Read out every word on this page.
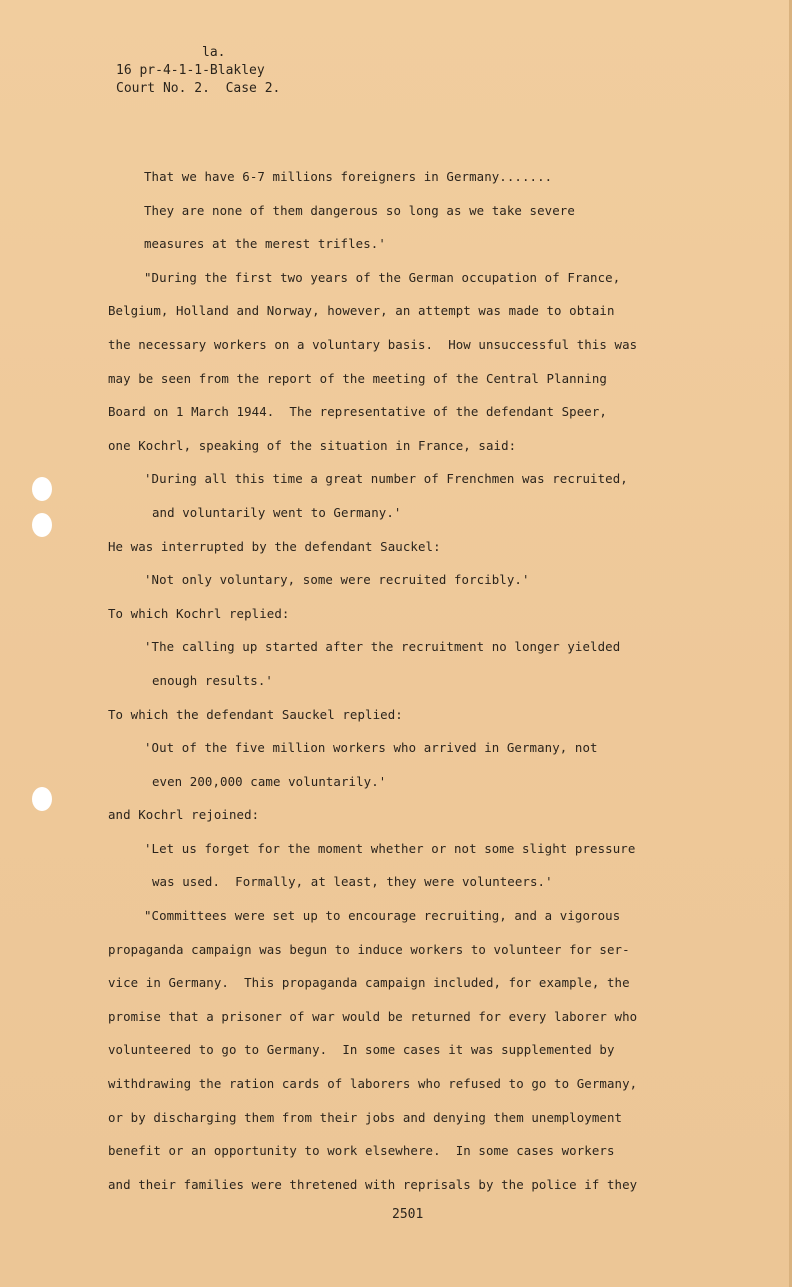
la.
16 pr-4-1-1-Blakley
Court No. 2.  Case 2.
That we have 6-7 millions foreigners in Germany.......
They are none of them dangerous so long as we take severe
measures at the merest trifles.'
"During the first two years of the German occupation of France,
Belgium, Holland and Norway, however, an attempt was made to obtain
the necessary workers on a voluntary basis.  How unsuccessful this was
may be seen from the report of the meeting of the Central Planning
Board on 1 March 1944.  The representative of the defendant Speer,
one Kochrl, speaking of the situation in France, said:
'During all this time a great number of Frenchmen was recruited,
and voluntarily went to Germany.'
He was interrupted by the defendant Sauckel:
'Not only voluntary, some were recruited forcibly.'
To which Kochrl replied:
'The calling up started after the recruitment no longer yielded
enough results.'
To which the defendant Sauckel replied:
'Out of the five million workers who arrived in Germany, not
even 200,000 came voluntarily.'
and Kochrl rejoined:
'Let us forget for the moment whether or not some slight pressure
was used.  Formally, at least, they were volunteers.'
"Committees were set up to encourage recruiting, and a vigorous
propaganda campaign was begun to induce workers to volunteer for ser-
vice in Germany.  This propaganda campaign included, for example, the
promise that a prisoner of war would be returned for every laborer who
volunteered to go to Germany.  In some cases it was supplemented by
withdrawing the ration cards of laborers who refused to go to Germany,
or by discharging them from their jobs and denying them unemployment
benefit or an opportunity to work elsewhere.  In some cases workers
and their families were thretened with reprisals by the police if they
2501
